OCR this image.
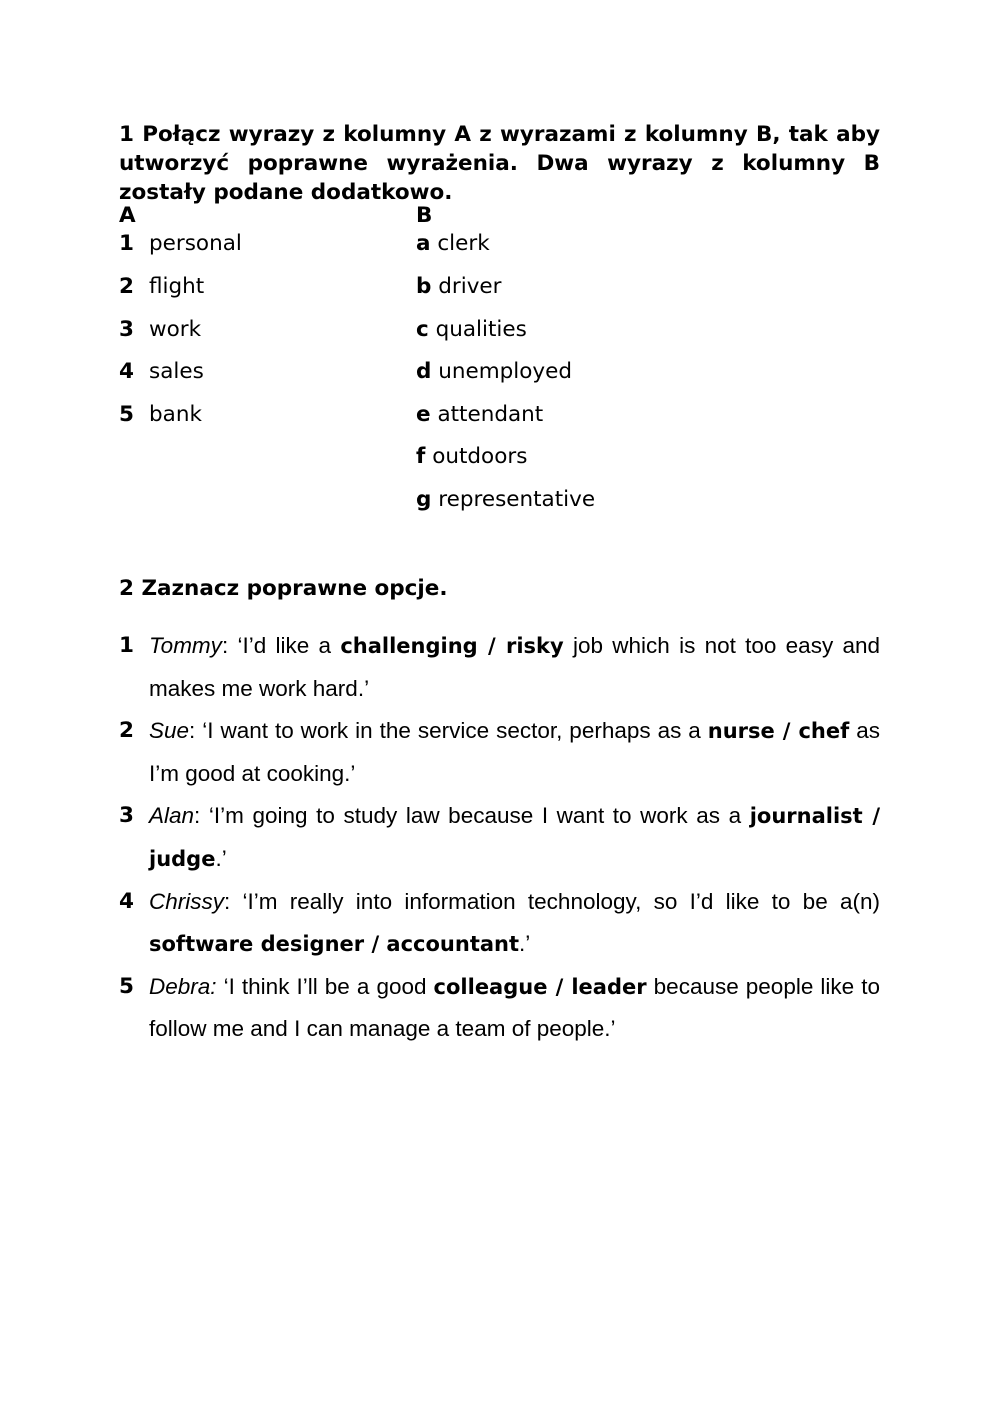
1 Połącz wyrazy z kolumny A z wyrazami z kolumny B, tak aby utworzyć poprawne wyrażenia. Dwa wyrazy z kolumny B zostały podane dodatkowo.
A	B
1 personal
2 flight
3 work
4 sales
5 bank
a clerk
b driver
c qualities
d unemployed
e attendant
f outdoors
g representative
2 Zaznacz poprawne opcje.
1 Tommy: ‘I’d like a challenging / risky job which is not too easy and makes me work hard.’
2 Sue: ‘I want to work in the service sector, perhaps as a nurse / chef as I’m good at cooking.’
3 Alan: ‘I’m going to study law because I want to work as a journalist / judge.’
4 Chrissy: ‘I’m really into information technology, so I’d like to be a(n) software designer / accountant.’
5 Debra: ‘I think I’ll be a good colleague / leader because people like to follow me and I can manage a team of people.’
